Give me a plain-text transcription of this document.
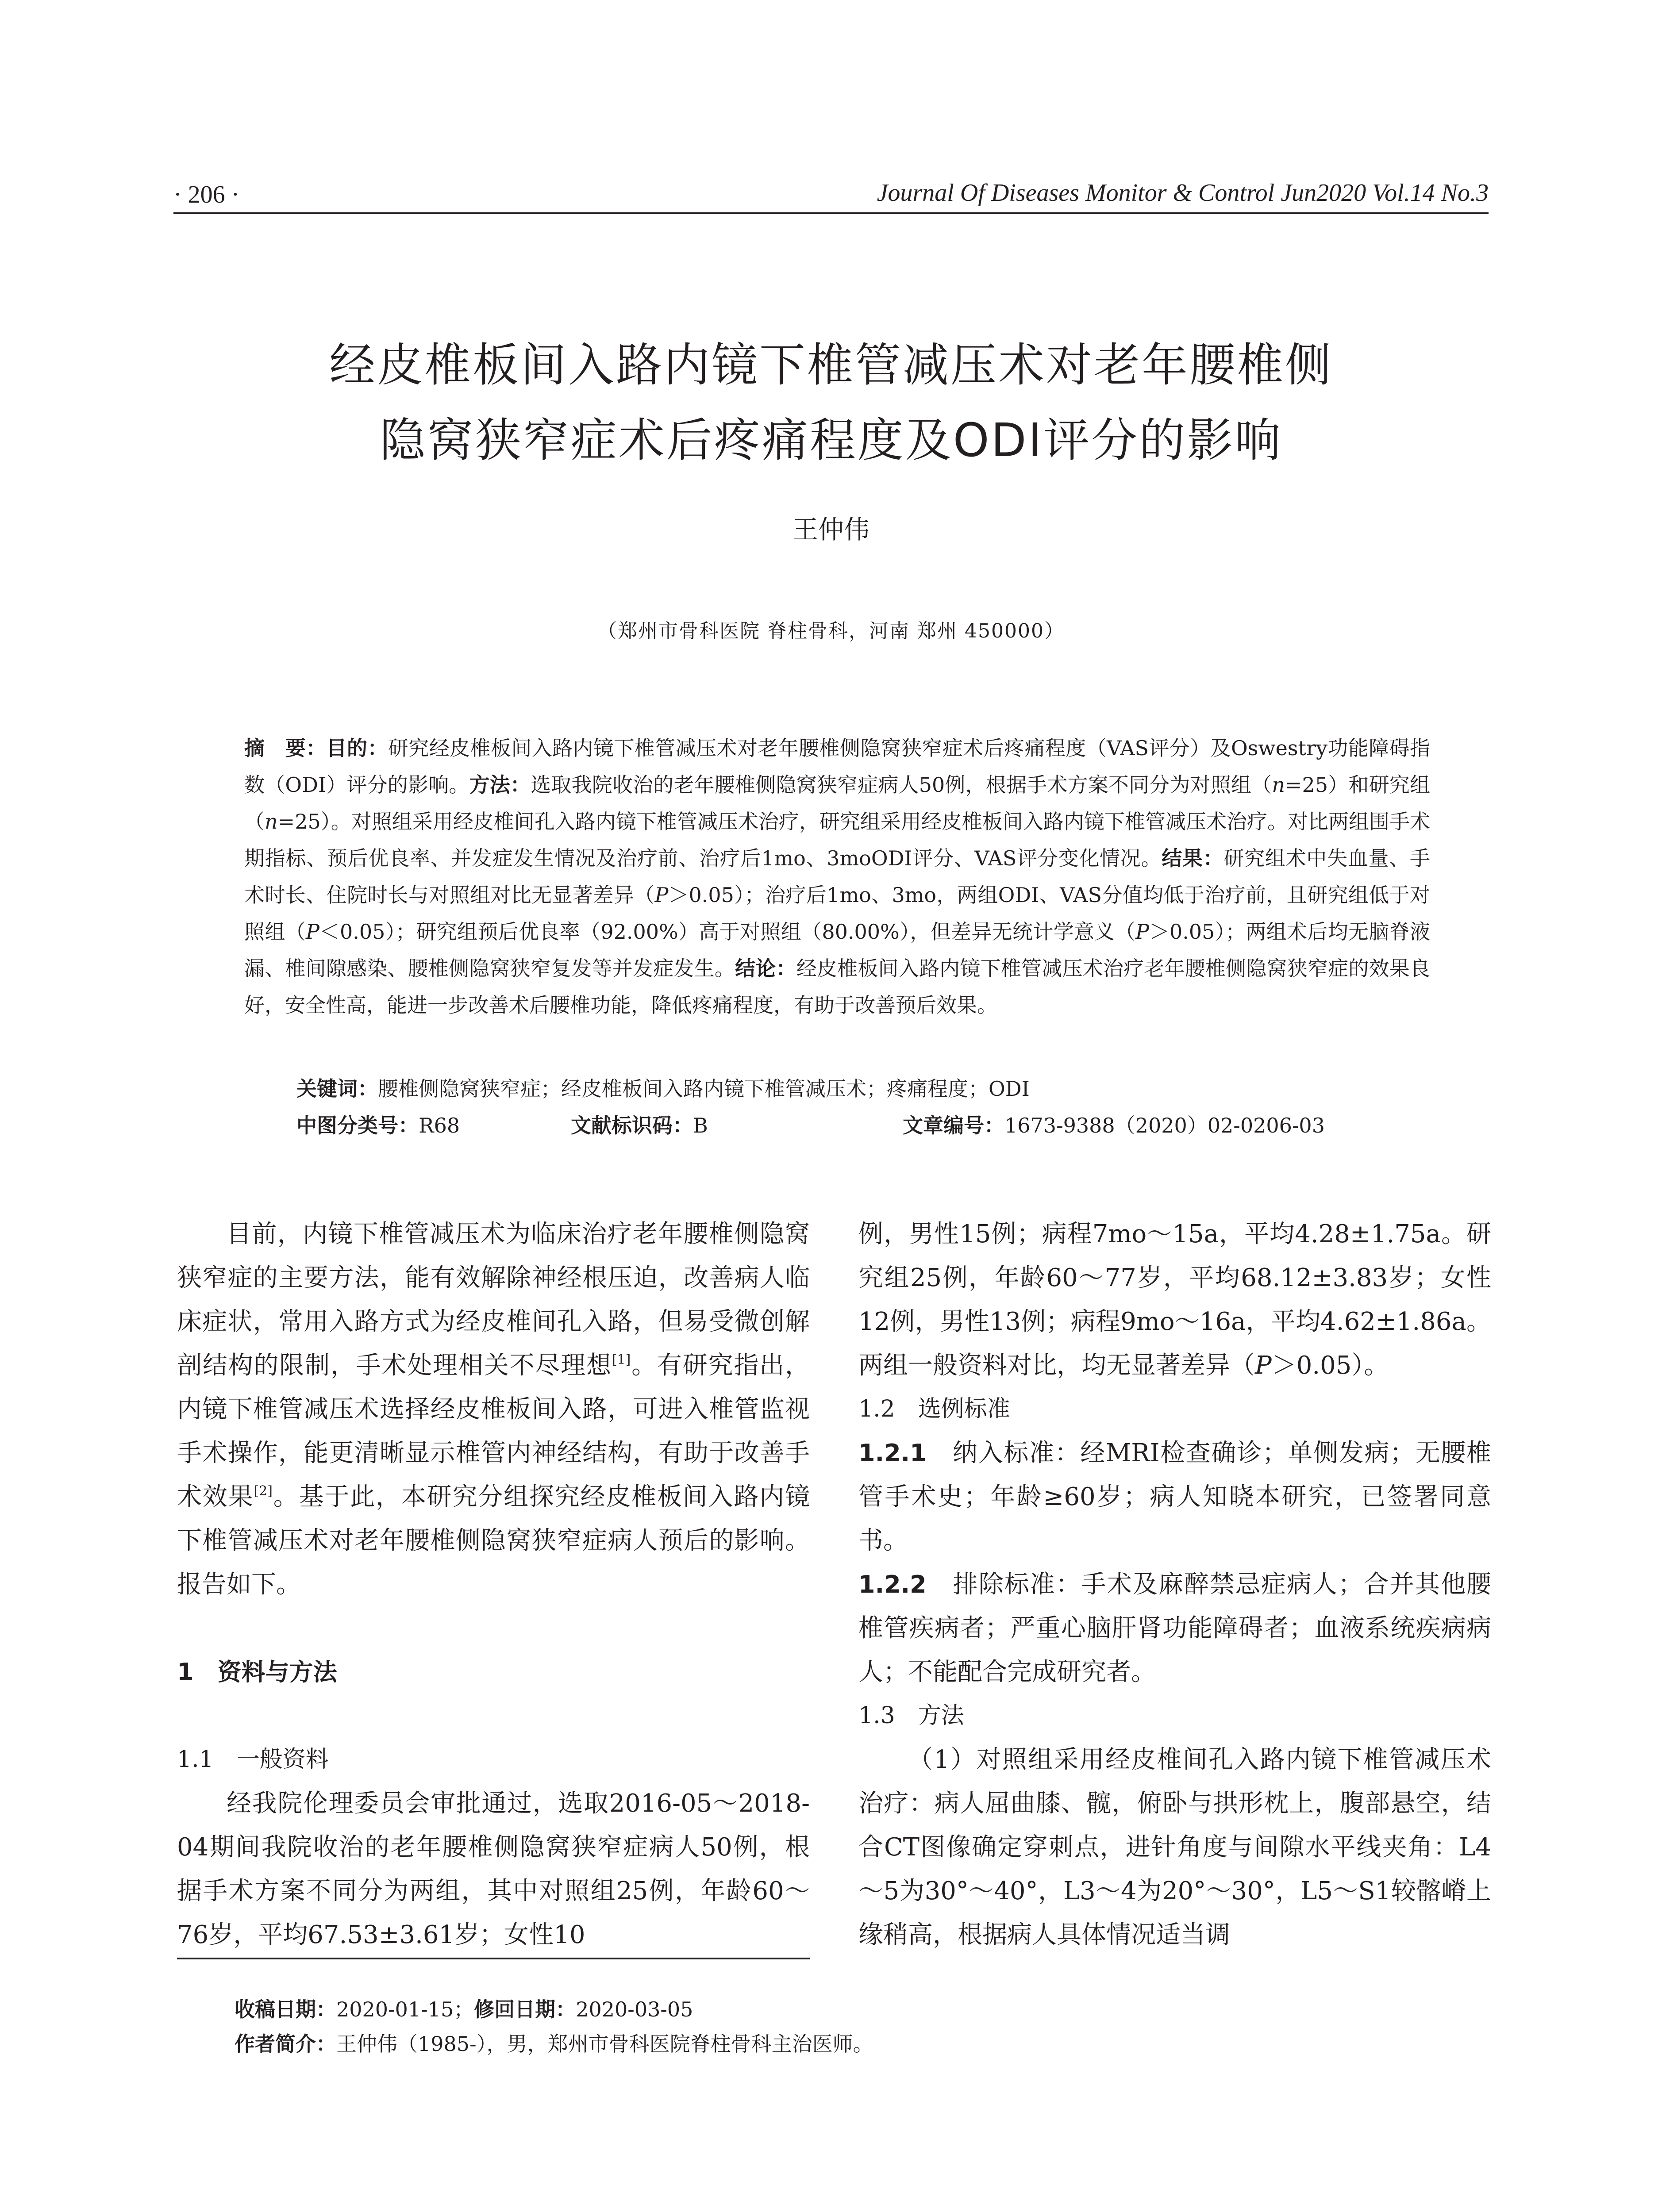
· 206 ·	Journal Of Diseases Monitor & Control Jun2020 Vol.14 No.3
经皮椎板间入路内镜下椎管减压术对老年腰椎侧
隐窝狭窄症术后疼痛程度及ODI评分的影响
王仲伟
（郑州市骨科医院 脊柱骨科，河南 郑州 450000）
摘　要：目的：研究经皮椎板间入路内镜下椎管减压术对老年腰椎侧隐窝狭窄症术后疼痛程度（VAS评分）及Oswestry功能障碍指数（ODI）评分的影响。方法：选取我院收治的老年腰椎侧隐窝狭窄症病人50例，根据手术方案不同分为对照组（n=25）和研究组（n=25）。对照组采用经皮椎间孔入路内镜下椎管减压术治疗，研究组采用经皮椎板间入路内镜下椎管减压术治疗。对比两组围手术期指标、预后优良率、并发症发生情况及治疗前、治疗后1mo、3moODI评分、VAS评分变化情况。结果：研究组术中失血量、手术时长、住院时长与对照组对比无显著差异（P＞0.05）；治疗后1mo、3mo，两组ODI、VAS分值均低于治疗前，且研究组低于对照组（P＜0.05）；研究组预后优良率（92.00%）高于对照组（80.00%），但差异无统计学意义（P＞0.05）；两组术后均无脑脊液漏、椎间隙感染、腰椎侧隐窝狭窄复发等并发症发生。结论：经皮椎板间入路内镜下椎管减压术治疗老年腰椎侧隐窝狭窄症的效果良好，安全性高，能进一步改善术后腰椎功能，降低疼痛程度，有助于改善预后效果。
关键词：腰椎侧隐窝狭窄症；经皮椎板间入路内镜下椎管减压术；疼痛程度；ODI
中图分类号：R68	文献标识码：B	文章编号：1673-9388（2020）02-0206-03

目前，内镜下椎管减压术为临床治疗老年腰椎侧隐窝狭窄症的主要方法，能有效解除神经根压迫，改善病人临床症状，常用入路方式为经皮椎间孔入路，但易受微创解剖结构的限制，手术处理相关不尽理想[1]。有研究指出，内镜下椎管减压术选择经皮椎板间入路，可进入椎管监视手术操作，能更清晰显示椎管内神经结构，有助于改善手术效果[2]。基于此，本研究分组探究经皮椎板间入路内镜下椎管减压术对老年腰椎侧隐窝狭窄症病人预后的影响。报告如下。

1　资料与方法

1.1　一般资料

经我院伦理委员会审批通过，选取2016-05～2018-04期间我院收治的老年腰椎侧隐窝狭窄症病人50例，根据手术方案不同分为两组，其中对照组25例，年龄60～76岁，平均67.53±3.61岁；女性10

例，男性15例；病程7mo～15a，平均4.28±1.75a。研究组25例，年龄60～77岁，平均68.12±3.83岁；女性12例，男性13例；病程9mo～16a，平均4.62±1.86a。两组一般资料对比，均无显著差异（P＞0.05）。

1.2　选例标准

1.2.1　纳入标准：经MRI检查确诊；单侧发病；无腰椎管手术史；年龄≥60岁；病人知晓本研究，已签署同意书。

1.2.2　排除标准：手术及麻醉禁忌症病人；合并其他腰椎管疾病者；严重心脑肝肾功能障碍者；血液系统疾病病人；不能配合完成研究者。

1.3　方法

（1）对照组采用经皮椎间孔入路内镜下椎管减压术治疗：病人屈曲膝、髋，俯卧与拱形枕上，腹部悬空，结合CT图像确定穿刺点，进针角度与间隙水平线夹角：L4～5为30°～40°，L3～4为20°～30°，L5～S1较髂嵴上缘稍高，根据病人具体情况适当调

收稿日期：2020-01-15；修回日期：2020-03-05
作者简介：王仲伟（1985-），男，郑州市骨科医院脊柱骨科主治医师。
